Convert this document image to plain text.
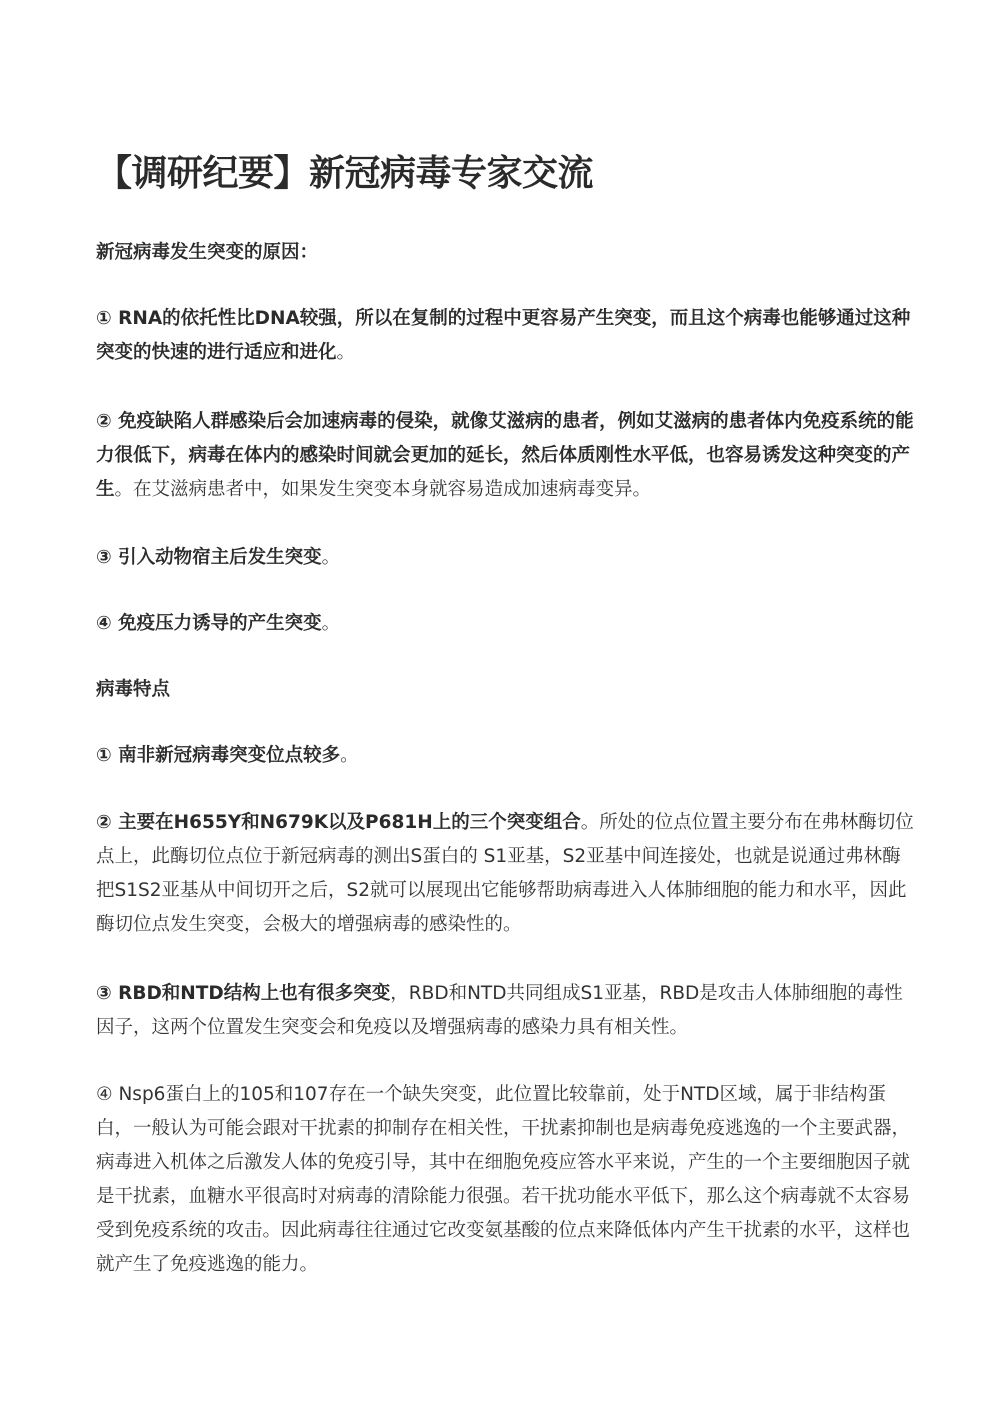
【调研纪要】新冠病毒专家交流

新冠病毒发生突变的原因：

① RNA的依托性比DNA较强，所以在复制的过程中更容易产生突变，而且这个病毒也能够通过这种突变的快速的进行适应和进化。

② 免疫缺陷人群感染后会加速病毒的侵染，就像艾滋病的患者，例如艾滋病的患者体内免疫系统的能力很低下，病毒在体内的感染时间就会更加的延长，然后体质刚性水平低，也容易诱发这种突变的产生。在艾滋病患者中，如果发生突变本身就容易造成加速病毒变异。

③ 引入动物宿主后发生突变。

④ 免疫压力诱导的产生突变。

病毒特点

① 南非新冠病毒突变位点较多。

② 主要在H655Y和N679K以及P681H上的三个突变组合。所处的位点位置主要分布在弗林酶切位点上，此酶切位点位于新冠病毒的测出S蛋白的 S1亚基，S2亚基中间连接处，也就是说通过弗林酶把S1S2亚基从中间切开之后，S2就可以展现出它能够帮助病毒进入人体肺细胞的能力和水平，因此酶切位点发生突变，会极大的增强病毒的感染性的。

③ RBD和NTD结构上也有很多突变，RBD和NTD共同组成S1亚基，RBD是攻击人体肺细胞的毒性因子，这两个位置发生突变会和免疫以及增强病毒的感染力具有相关性。

④ Nsp6蛋白上的105和107存在一个缺失突变，此位置比较靠前，处于NTD区域，属于非结构蛋白，一般认为可能会跟对干扰素的抑制存在相关性，干扰素抑制也是病毒免疫逃逸的一个主要武器，病毒进入机体之后激发人体的免疫引导，其中在细胞免疫应答水平来说，产生的一个主要细胞因子就是干扰素，血糖水平很高时对病毒的清除能力很强。若干扰功能水平低下，那么这个病毒就不太容易受到免疫系统的攻击。因此病毒往往通过它改变氨基酸的位点来降低体内产生干扰素的水平，这样也就产生了免疫逃逸的能力。
